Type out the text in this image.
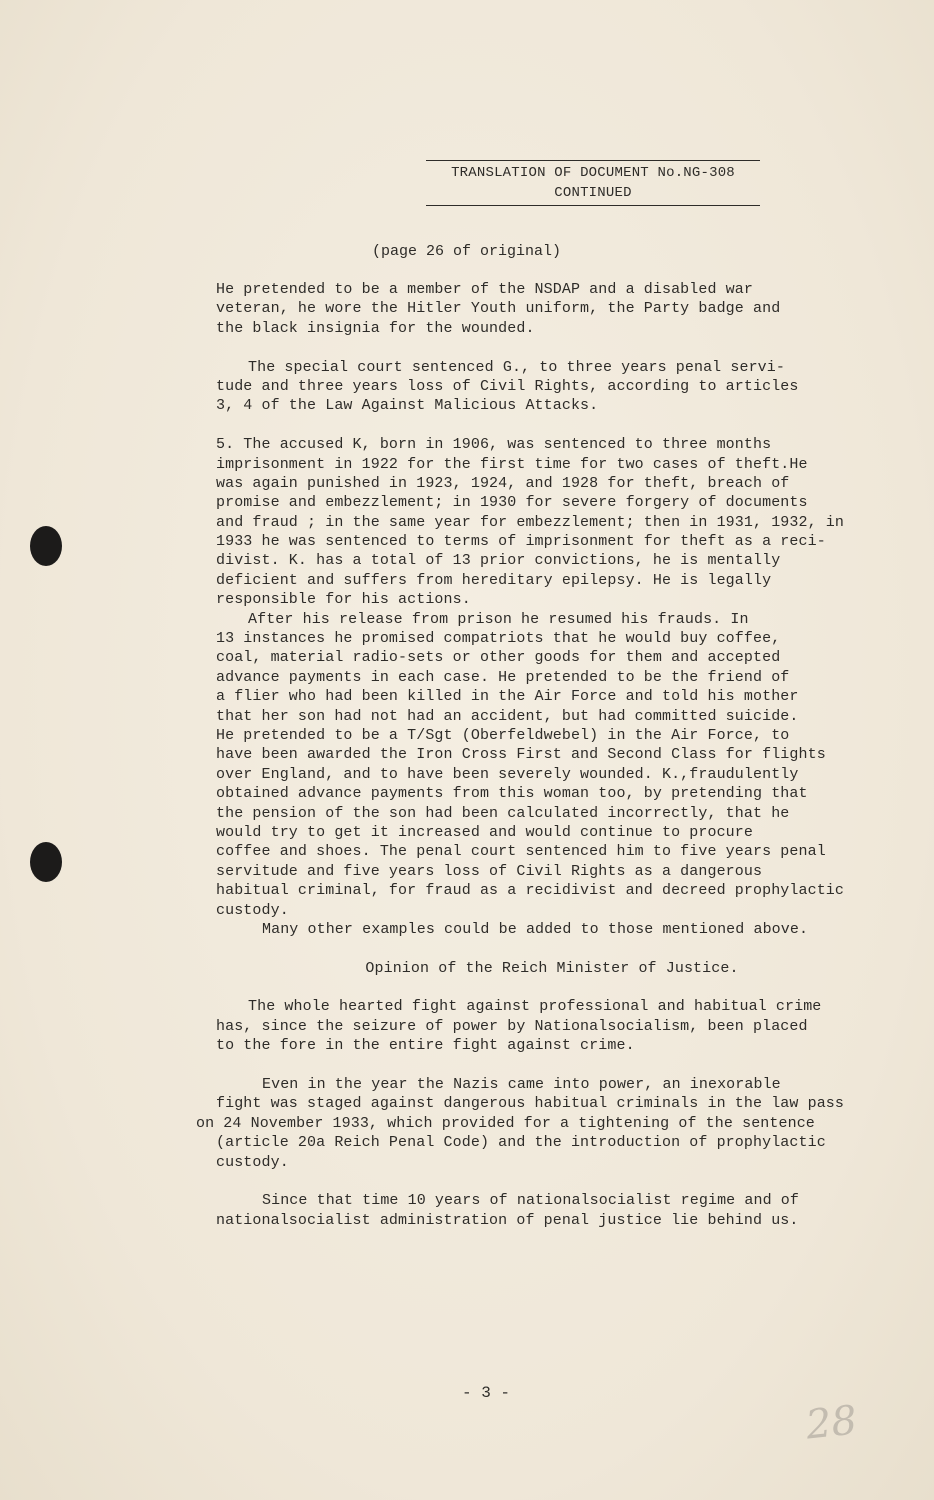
TRANSLATION OF DOCUMENT No.NG-308
CONTINUED
(page 26 of original)
He pretended to be a member of the NSDAP and a disabled war
veteran, he wore the Hitler Youth uniform, the Party badge and
the black insignia for the wounded.
The special court sentenced G., to three years penal servi-
tude and three years loss of Civil Rights, according to articles
3, 4 of the Law Against Malicious Attacks.
5. The accused K, born in 1906, was sentenced to three months
imprisonment in 1922 for the first time for two cases of theft.He
was again punished in 1923, 1924, and 1928 for theft, breach of
promise and embezzlement; in 1930 for severe forgery of documents
and fraud ; in the same year for embezzlement; then in 1931, 1932, in
1933 he was sentenced to terms of imprisonment for theft as a reci-
divist. K. has a total of 13 prior convictions, he is mentally
deficient and suffers from hereditary epilepsy. He is legally
responsible for his actions.
After his release from prison he resumed his frauds. In
13 instances he promised compatriots that he would buy coffee,
coal, material radio-sets or other goods for them and accepted
advance payments in each case. He pretended to be the friend of
a flier who had been killed in the Air Force and told his mother
that her son had not had an accident, but had committed suicide.
He pretended to be a T/Sgt (Oberfeldwebel) in the Air Force, to
have been awarded the Iron Cross First and Second Class for flights
over England, and to have been severely wounded. K.,fraudulently
obtained advance payments from this woman too, by pretending that
the pension of the son had been calculated incorrectly, that he
would try to get it increased and would continue to procure
coffee and shoes. The penal court sentenced him to five years penal
servitude and five years loss of Civil Rights as a dangerous
habitual criminal, for fraud as a recidivist and decreed prophylactic
custody.
Many other examples could be added to those mentioned above.
Opinion of the Reich Minister of Justice.
The whole hearted fight against professional and habitual crime
has, since the seizure of power by Nationalsocialism, been placed
to the fore in the entire fight against crime.
Even in the year the Nazis came into power, an inexorable
fight was staged against dangerous habitual criminals in the law pass
on 24 November 1933, which provided for a tightening of the sentence
(article 20a Reich Penal Code) and the introduction of prophylactic
custody.
Since that time 10 years of nationalsocialist regime and of
nationalsocialist administration of penal justice lie behind us.
- 3 -
28
